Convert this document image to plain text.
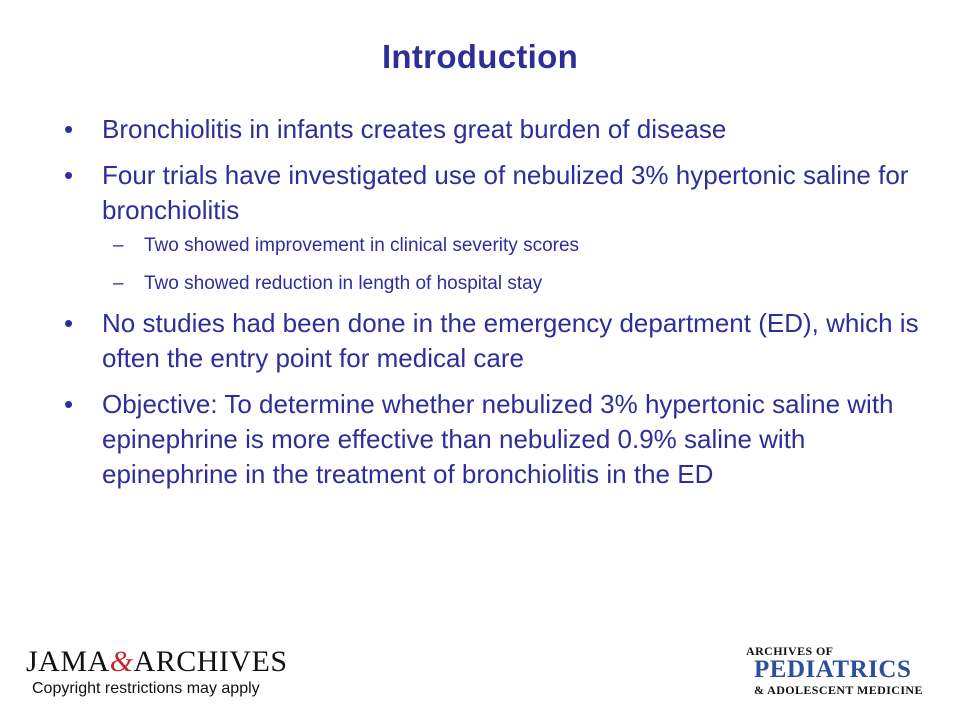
Introduction
• Bronchiolitis in infants creates great burden of disease
• Four trials have investigated use of nebulized 3% hypertonic saline for bronchiolitis
– Two showed improvement in clinical severity scores
– Two showed reduction in length of hospital stay
• No studies had been done in the emergency department (ED), which is often the entry point for medical care
• Objective: To determine whether nebulized 3% hypertonic saline with epinephrine is more effective than nebulized 0.9% saline with epinephrine in the treatment of bronchiolitis in the ED
JAMA&ARCHIVES
Copyright restrictions may apply
ARCHIVES OF
PEDIATRICS
& ADOLESCENT MEDICINE
